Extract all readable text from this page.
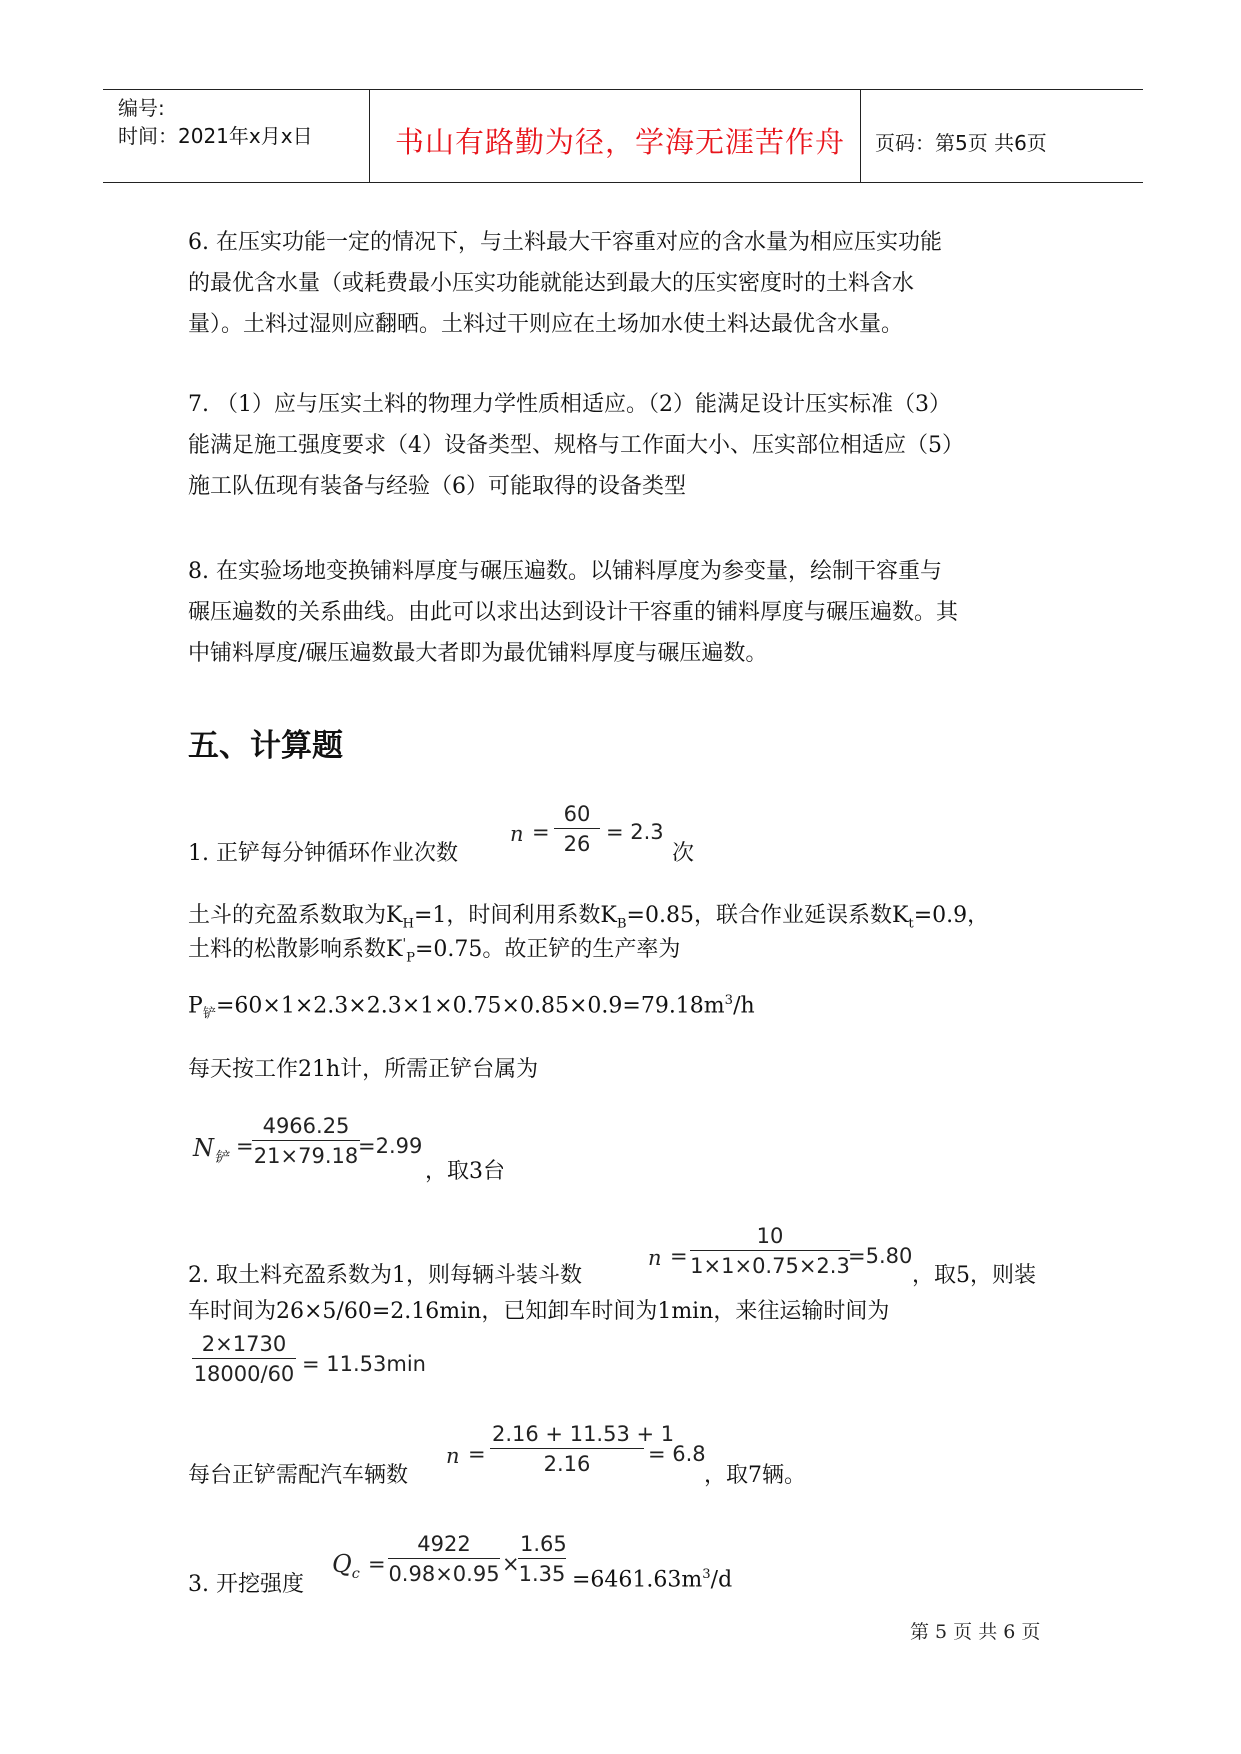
编号:
时间：2021年x月x日	书山有路勤为径，学海无涯苦作舟 页码：第5页 共6页
6. 在压实功能一定的情况下，与土料最大干容重对应的含水量为相应压实功能
的最优含水量（或耗费最小压实功能就能达到最大的压实密度时的土料含水
量）。土料过湿则应翻晒。土料过干则应在土场加水使土料达最优含水量。
7. （1）应与压实土料的物理力学性质相适应。（2）能满足设计压实标准（3）
能满足施工强度要求（4）设备类型、规格与工作面大小、压实部位相适应（5）
施工队伍现有装备与经验（6）可能取得的设备类型
8. 在实验场地变换铺料厚度与碾压遍数。以铺料厚度为参变量，绘制干容重与
碾压遍数的关系曲线。由此可以求出达到设计干容重的铺料厚度与碾压遍数。其
中铺料厚度/碾压遍数最大者即为最优铺料厚度与碾压遍数。
五、计算题
1. 正铲每分钟循环作业次数
$n = \frac{60}{26} = 2.3$
次
土斗的充盈系数取为$K_H=1$，时间利用系数$K_B=0.85$，联合作业延误系数$K_t=0.9$，
土料的松散影响系数$K'_P=0.75$。故正铲的生产率为
$P_铲=60\times 1\times 2.3\times 2.3\times 1\times 0.75\times 0.85\times 0.9=79.18m^3/h$
每天按工作21h计，所需正铲台属为
$N_铲$ =
$\frac{4966.25}{21\times 79.18}$
=2.99
，取3台
2. 取土料充盈系数为1，则每辆斗装斗数
$n = \frac{10}{1\times 1\times 0.75\times 2.3}$
=5.80
，取5，则装
车时间为26×5/60=2.16min，已知卸车时间为1min，来往运输时间为
$\frac{2\times 1730}{18000/60} = 11.53\min$
每台正铲需配汽车辆数
$n = \frac{2.16 + 11.53 + 1}{2.16} = 6.8$
，取7辆。
3. 开挖强度
$Q_c = \frac{4922}{0.98\times 0.95}$ ×
$\frac{1.65}{1.35} =6461.63m^3/d$
第 5 页 共 6 页
